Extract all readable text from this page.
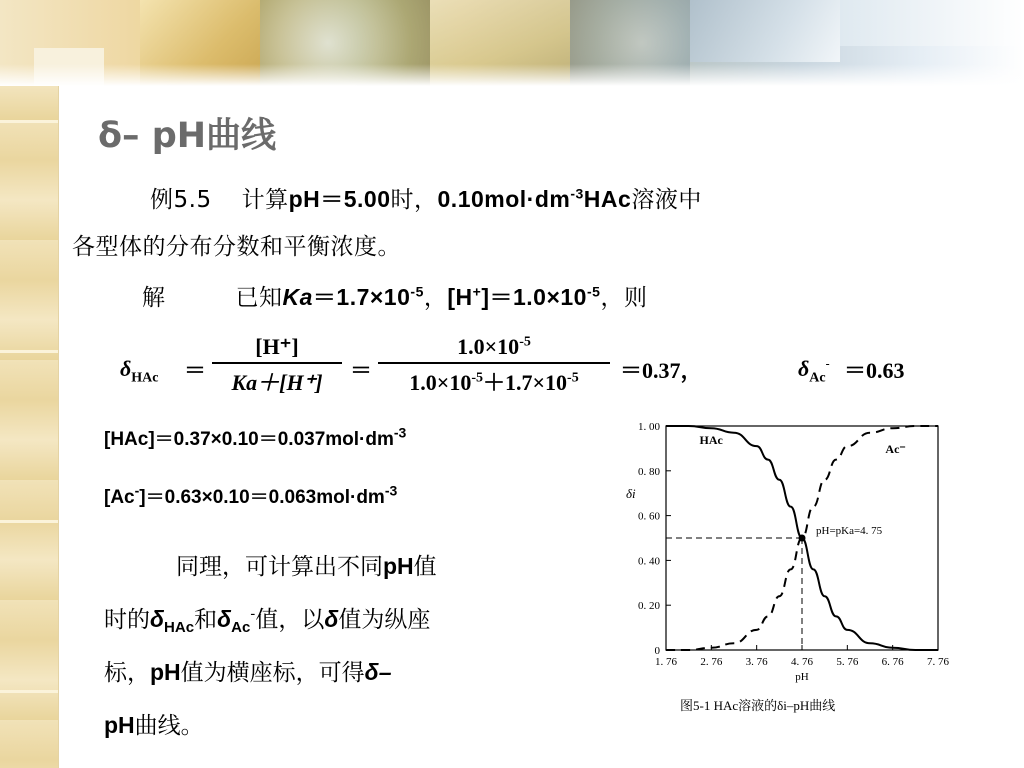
δ– pH曲线
例5.5 计算pH＝5.00时，$0.10mol\cdot dm^{-3}HAc$溶液中
各型体的分布分数和平衡浓度。
解	已知$Ka=1.7\times 10^{-5}$，$[H^+]=1.0\times 10^{-5}$，则
$\delta_{HAc} = \frac{[H^+]}{Ka+[H^+]} = \frac{1.0\times 10^{-5}}{1.0\times 10^{-5}+1.7\times 10^{-5}} =0.37$，	$\delta_{Ac}^- =0.63$
$[HAc]=0.37\times 0.10=0.037mol\cdot dm^{-3}$
$[Ac^-]=0.63\times 0.10=0.063mol\cdot dm^{-3}$
同理，可计算出不同pH值
时的$\delta_{HAc}$和$\delta_{Ac}^-$值，以δ值为纵座
标，pH值为横座标，可得δ–
pH曲线。
0
0. 20
0. 40
0. 60
0. 80
1. 00
1. 76 2. 76 3. 76 4. 76 5. 76 6. 76 7. 76
pH
δi
HAc
Ac⁻
pH=pKa=4. 75
图5-1 HAc溶液的δi–pH曲线
